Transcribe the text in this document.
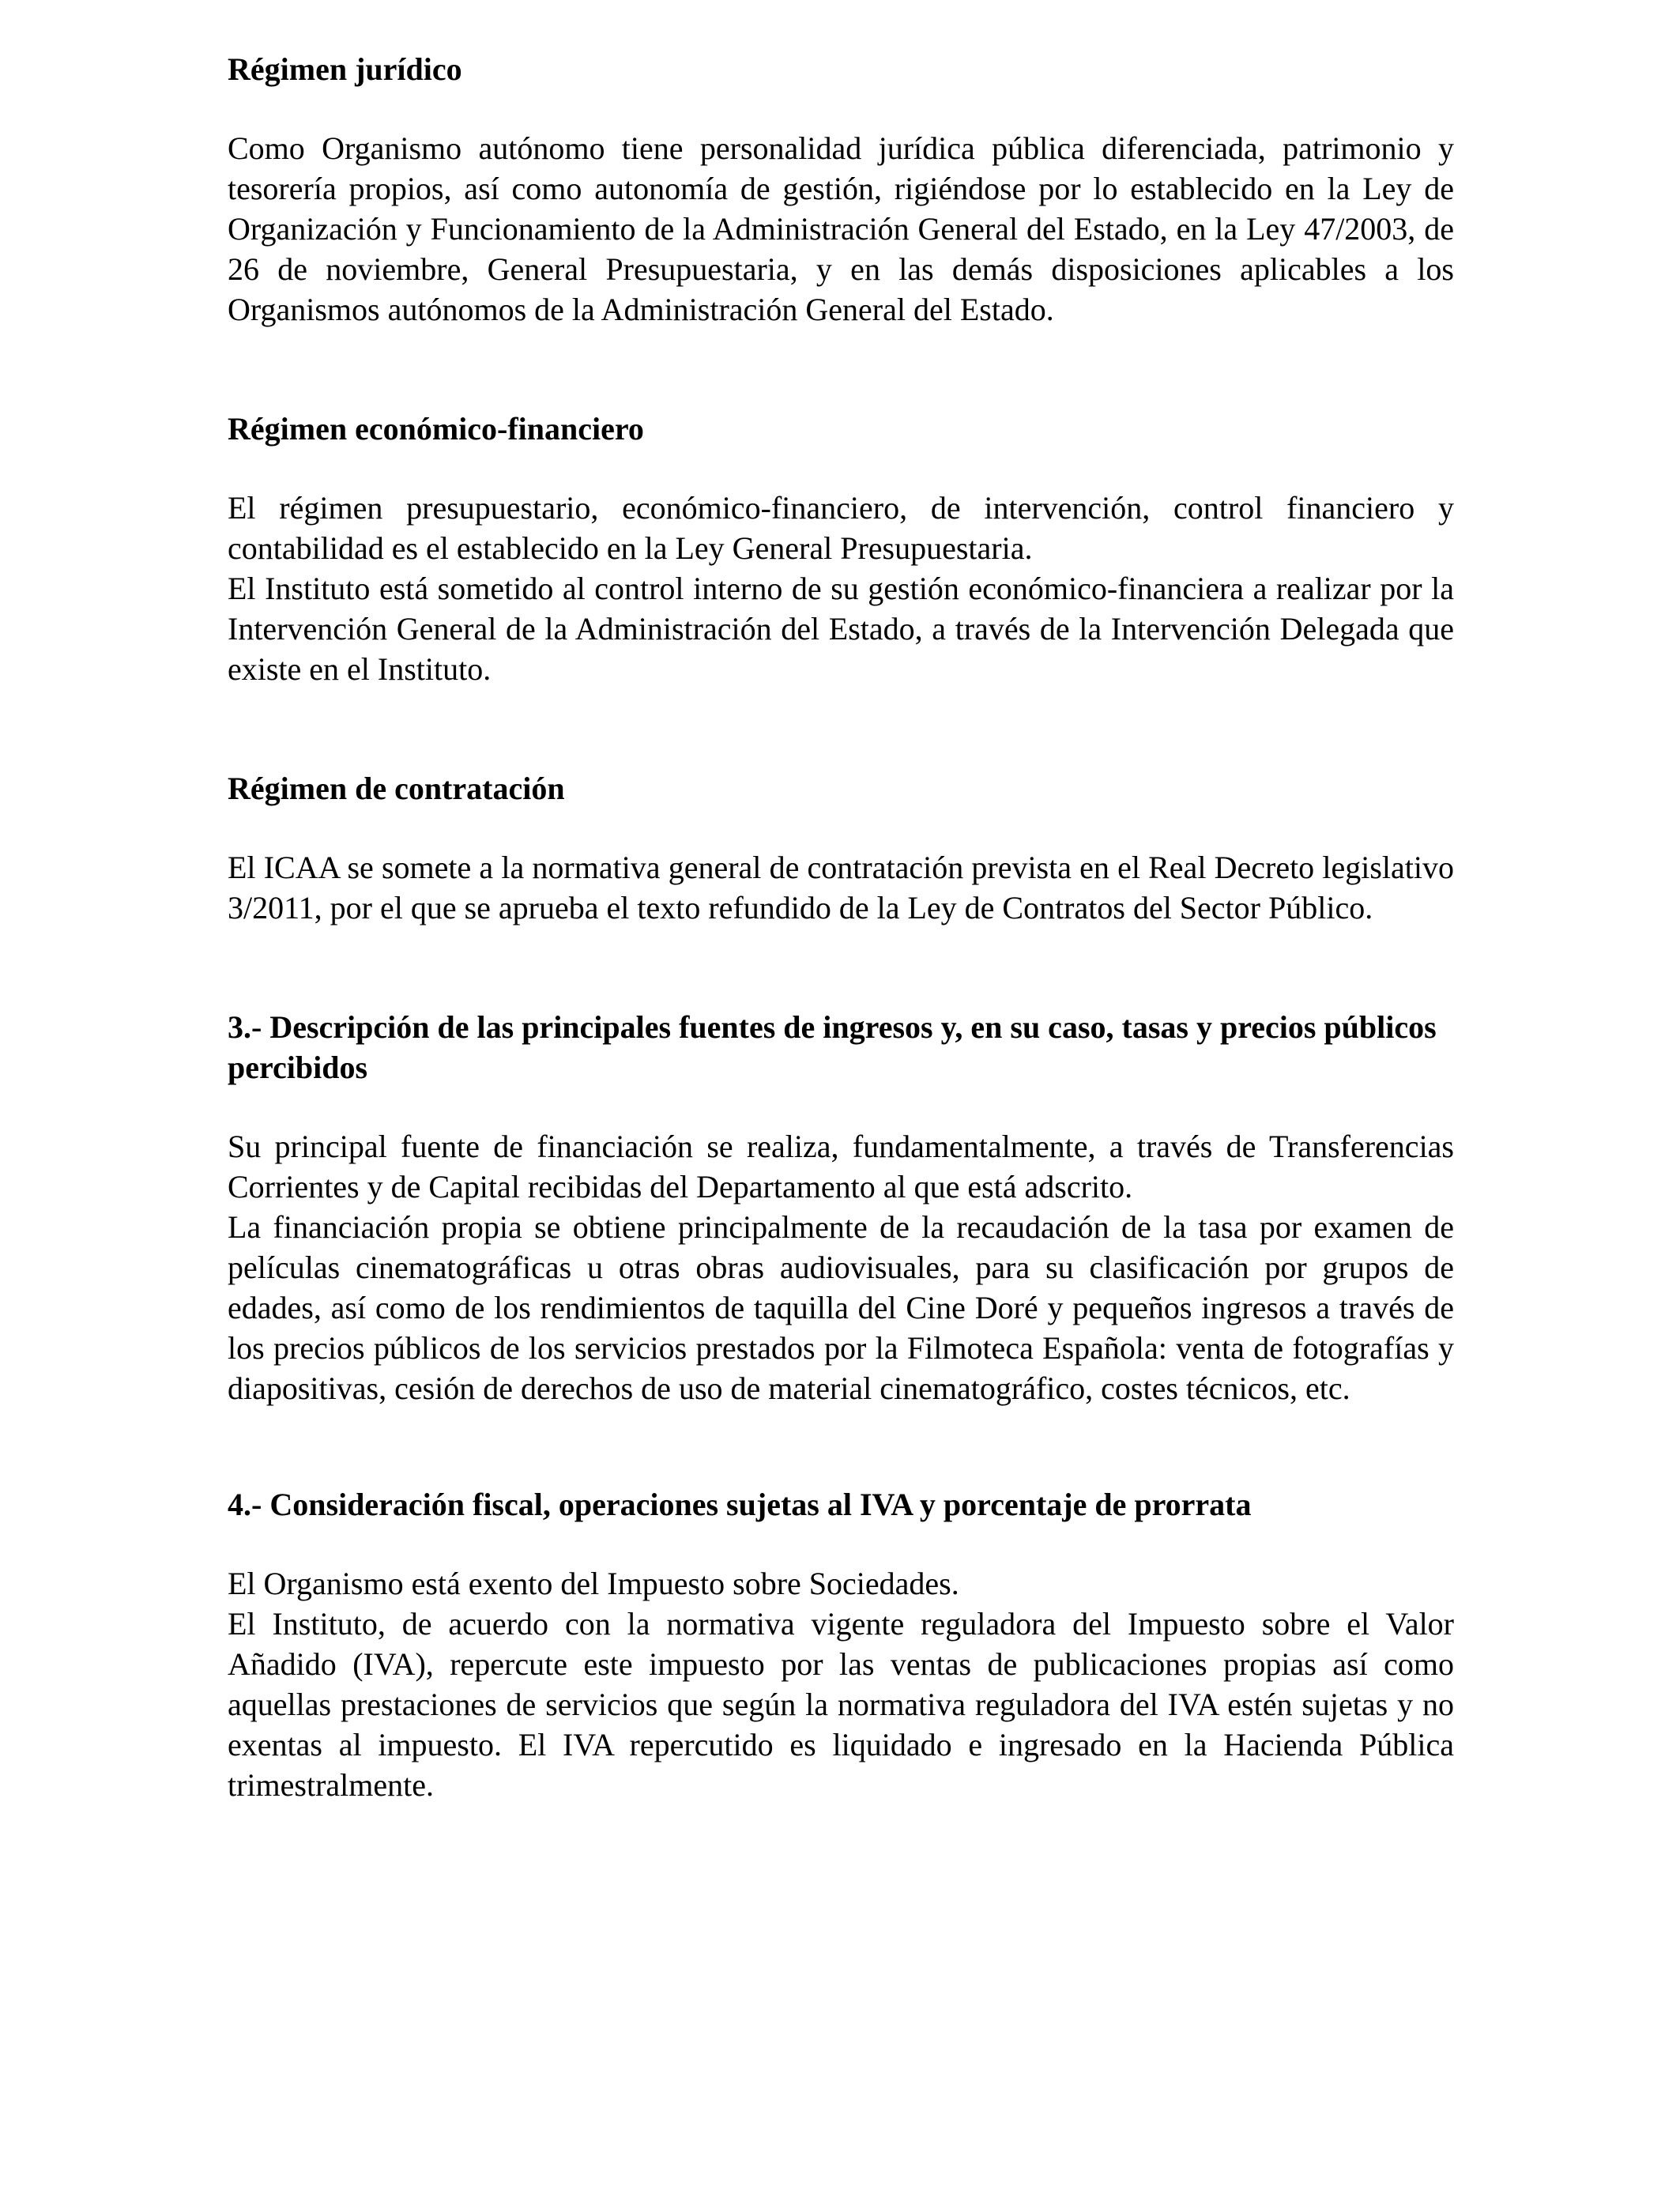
Régimen jurídico

Como Organismo autónomo tiene personalidad jurídica pública diferenciada, patrimonio y tesorería propios, así como autonomía de gestión, rigiéndose por lo establecido en la Ley de Organización y Funcionamiento de la Administración General del Estado, en la Ley 47/2003, de 26 de noviembre, General Presupuestaria, y en las demás disposiciones aplicables a los Organismos autónomos de la Administración General del Estado.

Régimen económico-financiero

El régimen presupuestario, económico-financiero, de intervención, control financiero y contabilidad es el establecido en la Ley General Presupuestaria.

El Instituto está sometido al control interno de su gestión económico-financiera a realizar por la Intervención General de la Administración del Estado, a través de la Intervención Delegada que existe en el Instituto.

Régimen de contratación

El ICAA se somete a la normativa general de contratación prevista en el Real Decreto legislativo 3/2011, por el que se aprueba el texto refundido de la Ley de Contratos del Sector Público.

3.- Descripción de las principales fuentes de ingresos y, en su caso, tasas y precios públicos percibidos

Su principal fuente de financiación se realiza, fundamentalmente, a través de Transferencias Corrientes y de Capital recibidas del Departamento al que está adscrito.

La financiación propia se obtiene principalmente de la recaudación de la tasa por examen de películas cinematográficas u otras obras audiovisuales, para su clasificación por grupos de edades, así como de los rendimientos de taquilla del Cine Doré y pequeños ingresos a través de los precios públicos de los servicios prestados por la Filmoteca Española: venta de fotografías y diapositivas, cesión de derechos de uso de material cinematográfico, costes técnicos, etc.

4.- Consideración fiscal, operaciones sujetas al IVA y porcentaje de prorrata

El Organismo está exento del Impuesto sobre Sociedades.

El Instituto, de acuerdo con la normativa vigente reguladora del Impuesto sobre el Valor Añadido (IVA), repercute este impuesto por las ventas de publicaciones propias así como aquellas prestaciones de servicios que según la normativa reguladora del IVA estén sujetas y no exentas al impuesto. El IVA repercutido es liquidado e ingresado en la Hacienda Pública trimestralmente.
